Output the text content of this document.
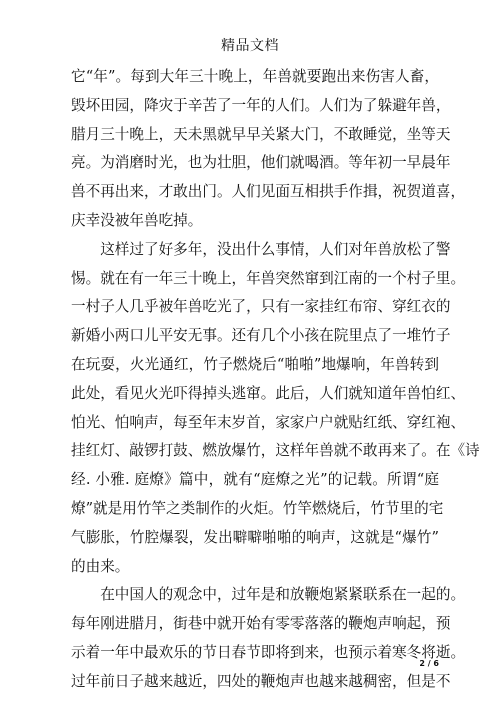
精品文档
它“年”。每到大年三十晚上，年兽就要跑出来伤害人畜，
毁坏田园，降灾于辛苦了一年的人们。人们为了躲避年兽，
腊月三十晚上，天未黑就早早关紧大门，不敢睡觉，坐等天
亮。为消磨时光，也为壮胆，他们就喝酒。等年初一早晨年
兽不再出来，才敢出门。人们见面互相拱手作揖，祝贺道喜，
庆幸没被年兽吃掉。
　　这样过了好多年，没出什么事情，人们对年兽放松了警
惕。就在有一年三十晚上，年兽突然窜到江南的一个村子里。
一村子人几乎被年兽吃光了，只有一家挂红布帘、穿红衣的
新婚小两口儿平安无事。还有几个小孩在院里点了一堆竹子
在玩耍，火光通红，竹子燃烧后“啪啪”地爆响，年兽转到
此处，看见火光吓得掉头逃窜。此后，人们就知道年兽怕红、
怕光、怕响声，每至年末岁首，家家户户就贴红纸、穿红袍、
挂红灯、敲锣打鼓、燃放爆竹，这样年兽就不敢再来了。在《诗
经. 小雅. 庭燎》篇中，就有“庭燎之光”的记载。所谓“庭
燎”就是用竹竿之类制作的火炬。竹竿燃烧后，竹节里的宅
气膨胀，竹腔爆裂，发出噼噼啪啪的响声，这就是“爆竹”
的由来。
　　在中国人的观念中，过年是和放鞭炮紧紧联系在一起的。
每年刚进腊月，街巷中就开始有零零落落的鞭炮声响起，预
示着一年中最欢乐的节日春节即将到来，也预示着寒冬将逝。
过年前日子越来越近，四处的鞭炮声也越来越稠密，但是不
2 / 6
